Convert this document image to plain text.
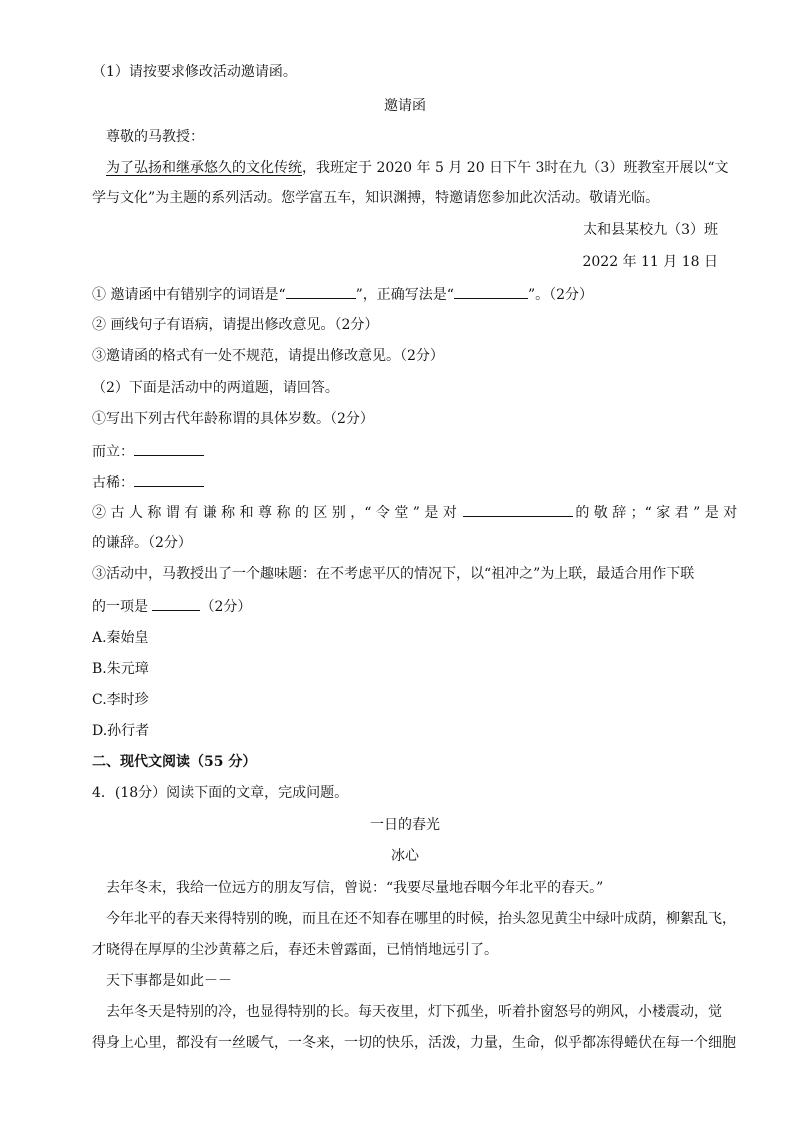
（1）请按要求修改活动邀请函。
邀请函
尊敬的马教授：
为了弘扬和继承悠久的文化传统，我班定于 2020 年 5 月 20 日下午 3时在九（3）班教室开展以“文
学与文化”为主题的系列活动。您学富五车，知识渊搏，特邀请您参加此次活动。敬请光临。
太和县某校九（3）班
2022 年 11 月 18 日
① 邀请函中有错别字的词语是“	”，正确写法是“	”。（2分）
② 画线句子有语病，请提出修改意见。（2分）
③邀请函的格式有一处不规范，请提出修改意见。（2分）
（2）下面是活动中的两道题，请回答。
①写出下列古代年龄称谓的具体岁数。（2分）
而立：
古稀：
② 古 人 称 谓 有 谦 称 和 尊 称 的 区 别 ，“ 令 堂 ” 是 对	的 敬 辞 ；“ 家 君 ” 是 对
的谦辞。（2分）
③活动中，马教授出了一个趣味题：在不考虑平仄的情况下，以“祖冲之”为上联，最适合用作下联
的一项是	（2分）
A.秦始皇
B.朱元璋
C.李时珍
D.孙行者
二、现代文阅读（55 分）
4．(18分）阅读下面的文章，完成问题。
一日的春光
冰心
去年冬末，我给一位远方的朋友写信，曾说：“我要尽量地吞咽今年北平的春天。”
今年北平的春天来得特别的晚，而且在还不知春在哪里的时候，抬头忽见黄尘中绿叶成荫，柳絮乱飞，
才晓得在厚厚的尘沙黄幕之后，春还未曾露面，已悄悄地远引了。
天下事都是如此－－
去年冬天是特别的冷，也显得特别的长。每天夜里，灯下孤坐，听着扑窗怒号的朔风，小楼震动，觉
得身上心里，都没有一丝暖气，一冬来，一切的快乐，活泼，力量，生命，似乎都冻得蜷伏在每一个细胞
